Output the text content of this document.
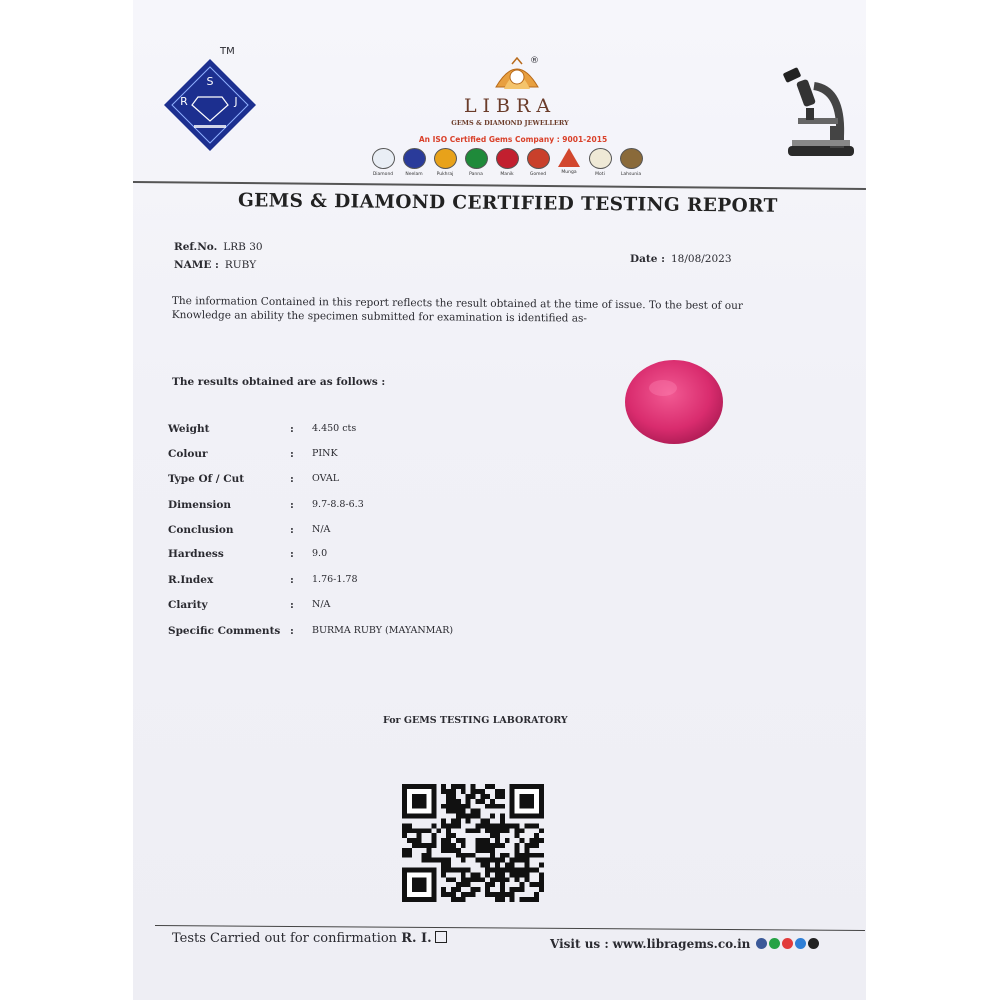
TM
S
R	J
®
LIBRA
GEMS & DIAMOND JEWELLERY
An ISO Certified Gems Company : 9001-2015
Diamond	Neelam	Pukhraj	Panna	Manik	Gomed	Munga	Moti	Lahsunia
GEMS & DIAMOND CERTIFIED TESTING REPORT
Ref.No. LRB 30
NAME : RUBY	Date : 18/08/2023
The information Contained in this report reflects the result obtained at the time of issue. To the best of our Knowledge an ability the specimen submitted for examination is identified as-
The results obtained are as follows :
Weight	: 4.450 cts
Colour	: PINK
Type Of / Cut	: OVAL
Dimension	: 9.7-8.8-6.3
Conclusion	: N/A
Hardness	: 9.0
R.Index	: 1.76-1.78
Clarity	: N/A
Specific Comments : BURMA RUBY (MAYANMAR)
For GEMS TESTING LABORATORY
Tests Carried out for confirmation R. I.	Visit us : www.libragems.co.in
